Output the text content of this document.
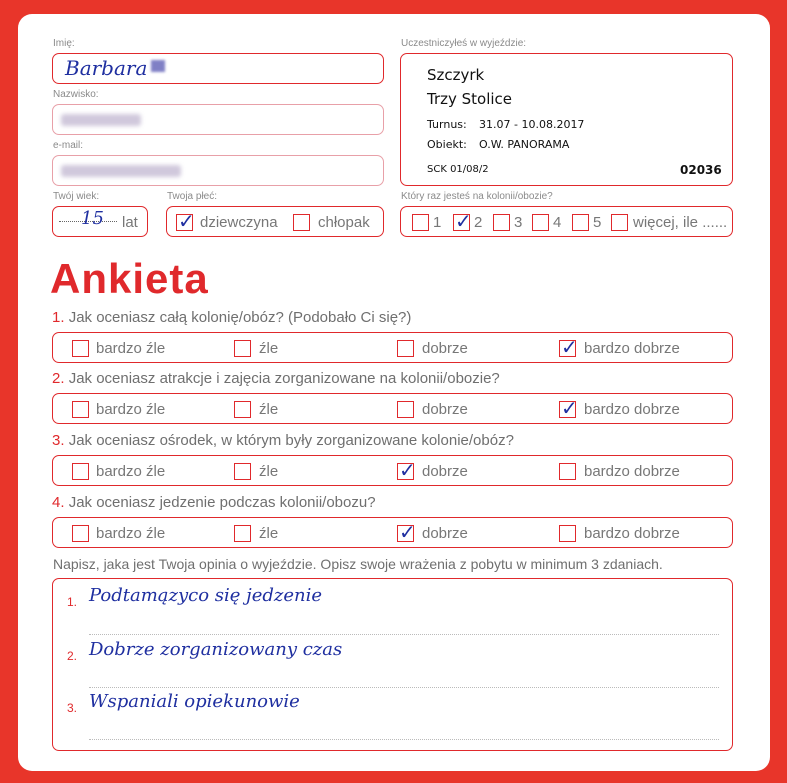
Imię:
Barbara
Nazwisko:
e-mail:
Twój wiek:
15 lat
Twoja płeć:
✓ dziewczyna	chłopak
Uczestniczyłeś w wyjeździe:
Szczyrk
Trzy Stolice
Turnus: 31.07 - 10.08.2017
Obiekt: O.W. PANORAMA
SCK 01/08/2	02036
Który raz jesteś na kolonii/obozie?
1 ✓ 2 3 4 5 więcej, ile ......
Ankieta
1. Jak oceniasz całą kolonię/obóz? (Podobało Ci się?)
bardzo źle	źle	dobrze	✓ bardzo dobrze
2. Jak oceniasz atrakcje i zajęcia zorganizowane na kolonii/obozie?
bardzo źle	źle	dobrze	✓ bardzo dobrze
3. Jak oceniasz ośrodek, w którym były zorganizowane kolonie/obóz?
bardzo źle	źle	✓ dobrze	bardzo dobrze
4. Jak oceniasz jedzenie podczas kolonii/obozu?
bardzo źle	źle	✓ dobrze	bardzo dobrze
Napisz, jaka jest Twoja opinia o wyjeździe. Opisz swoje wrażenia z pobytu w minimum 3 zdaniach.
1. Podtamązyco się jedzenie
2. Dobrze zorganizowany czas
3. Wspaniali opiekunowie
